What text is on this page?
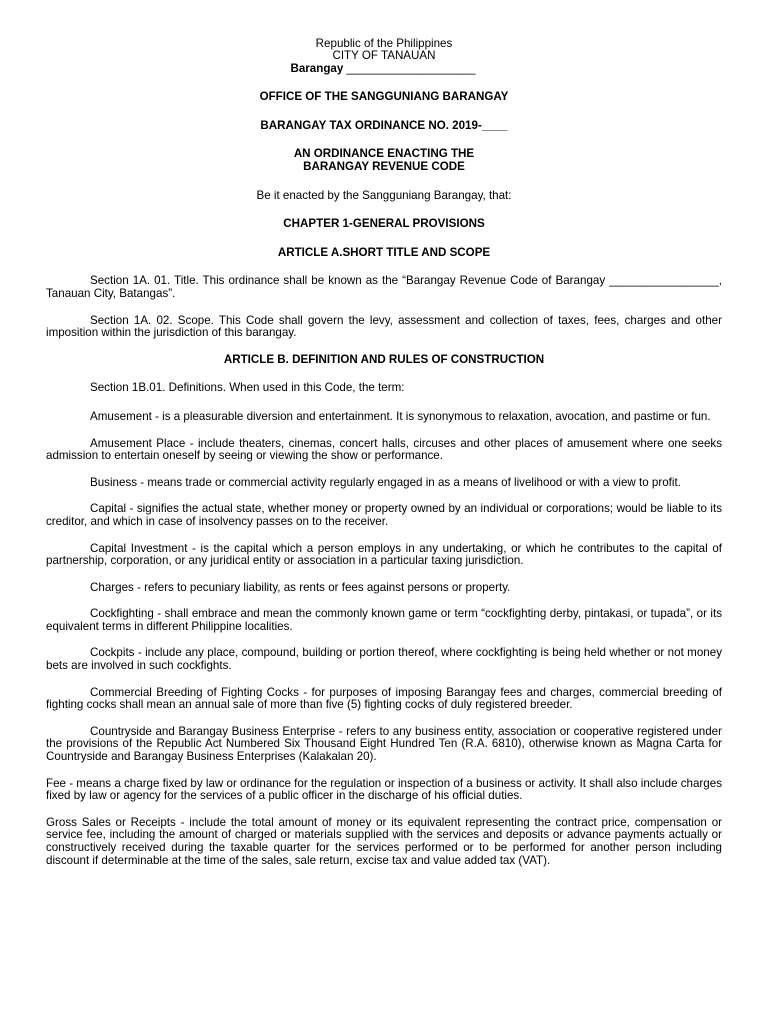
Republic of the Philippines
CITY OF TANAUAN
Barangay ____________________
OFFICE OF THE SANGGUNIANG BARANGAY
BARANGAY TAX ORDINANCE NO. 2019-____
AN ORDINANCE ENACTING THE
BARANGAY REVENUE CODE
Be it enacted by the Sangguniang Barangay, that:
CHAPTER 1-GENERAL PROVISIONS
ARTICLE A.SHORT TITLE AND SCOPE

Section 1A. 01. Title. This ordinance shall be known as the “Barangay Revenue Code of Barangay _________________, Tanauan City, Batangas”.

Section 1A. 02. Scope. This Code shall govern the levy, assessment and collection of taxes, fees, charges and other imposition within the jurisdiction of this barangay.

ARTICLE B. DEFINITION AND RULES OF CONSTRUCTION

Section 1B.01. Definitions. When used in this Code, the term:

Amusement - is a pleasurable diversion and entertainment. It is synonymous to relaxation, avocation, and pastime or fun.

Amusement Place - include theaters, cinemas, concert halls, circuses and other places of amusement where one seeks admission to entertain oneself by seeing or viewing the show or performance.

Business - means trade or commercial activity regularly engaged in as a means of livelihood or with a view to profit.

Capital - signifies the actual state, whether money or property owned by an individual or corporations; would be liable to its creditor, and which in case of insolvency passes on to the receiver.

Capital Investment - is the capital which a person employs in any undertaking, or which he contributes to the capital of partnership, corporation, or any juridical entity or association in a particular taxing jurisdiction.

Charges - refers to pecuniary liability, as rents or fees against persons or property.

Cockfighting - shall embrace and mean the commonly known game or term “cockfighting derby, pintakasi, or tupada”, or its equivalent terms in different Philippine localities.

Cockpits - include any place, compound, building or portion thereof, where cockfighting is being held whether or not money bets are involved in such cockfights.

Commercial Breeding of Fighting Cocks - for purposes of imposing Barangay fees and charges, commercial breeding of fighting cocks shall mean an annual sale of more than five (5) fighting cocks of duly registered breeder.

Countryside and Barangay Business Enterprise - refers to any business entity, association or cooperative registered under the provisions of the Republic Act Numbered Six Thousand Eight Hundred Ten (R.A. 6810), otherwise known as Magna Carta for Countryside and Barangay Business Enterprises (Kalakalan 20).

Fee - means a charge fixed by law or ordinance for the regulation or inspection of a business or activity. It shall also include charges fixed by law or agency for the services of a public officer in the discharge of his official duties.

Gross Sales or Receipts - include the total amount of money or its equivalent representing the contract price, compensation or service fee, including the amount of charged or materials supplied with the services and deposits or advance payments actually or constructively received during the taxable quarter for the services performed or to be performed for another person including discount if determinable at the time of the sales, sale return, excise tax and value added tax (VAT).
